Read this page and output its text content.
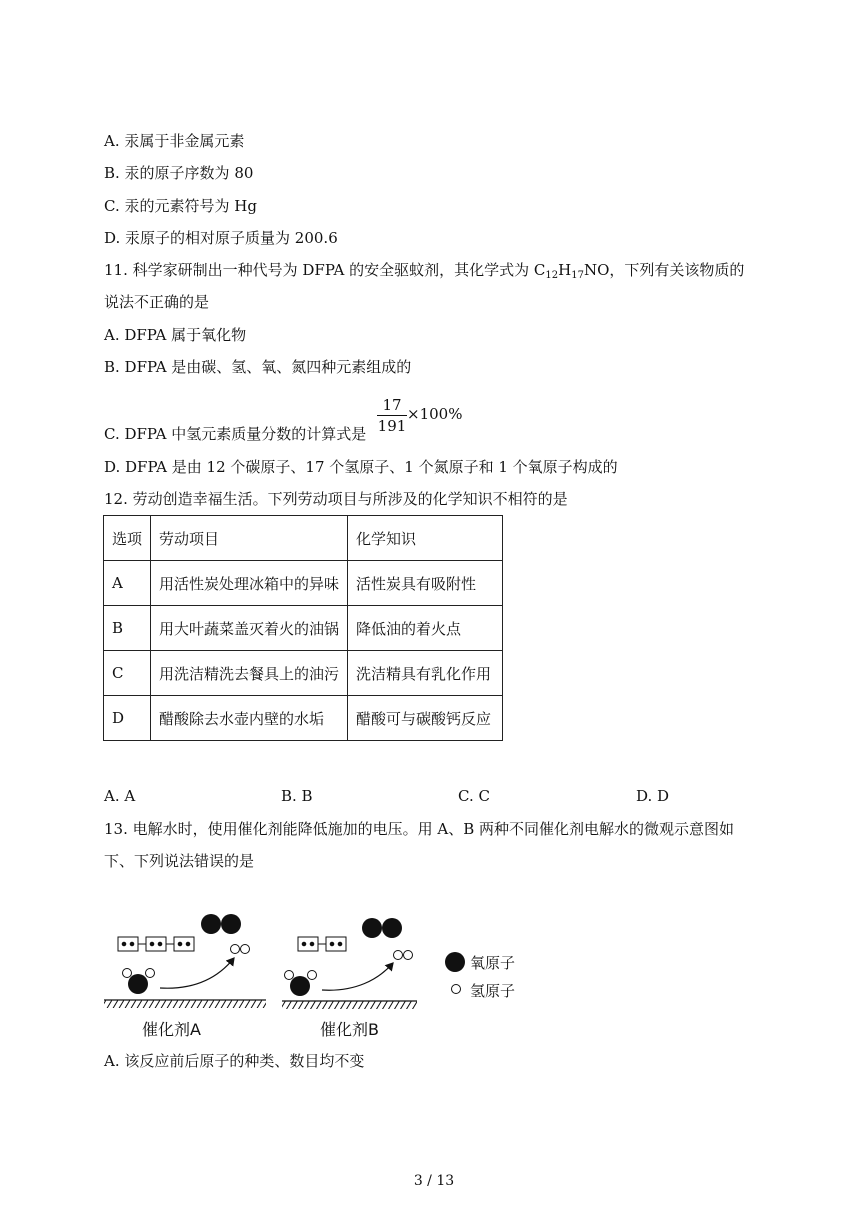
A. 汞属于非金属元素
B. 汞的原子序数为 80
C. 汞的元素符号为 Hg
D. 汞原子的相对原子质量为 200.6
11. 科学家研制出一种代号为 DFPA 的安全驱蚊剂，其化学式为 $C_{12}H_{17}NO$，下列有关该物质的
说法不正确的是
A. DFPA 属于氧化物
B. DFPA 是由碳、氢、氧、氮四种元素组成的
C. DFPA 中氢元素质量分数的计算式是
17
191
×100%
D. DFPA 是由 12 个碳原子、17 个氢原子、1 个氮原子和 1 个氧原子构成的
12. 劳动创造幸福生活。下列劳动项目与所涉及的化学知识不相符的是
选项	劳动项目	化学知识
A	用活性炭处理冰箱中的异味	活性炭具有吸附性
B	用大叶蔬菜盖灭着火的油锅	降低油的着火点
C	用洗洁精洗去餐具上的油污	洗洁精具有乳化作用
D	醋酸除去水壶内壁的水垢	醋酸可与碳酸钙反应
A. A	B. B	C. C	D. D
13. 电解水时，使用催化剂能降低施加的电压。用 A、B 两种不同催化剂电解水的微观示意图如
下、下列说法错误的是
氧原子
氢原子
催化剂A	催化剂B
A. 该反应前后原子的种类、数目均不变
3 / 13
